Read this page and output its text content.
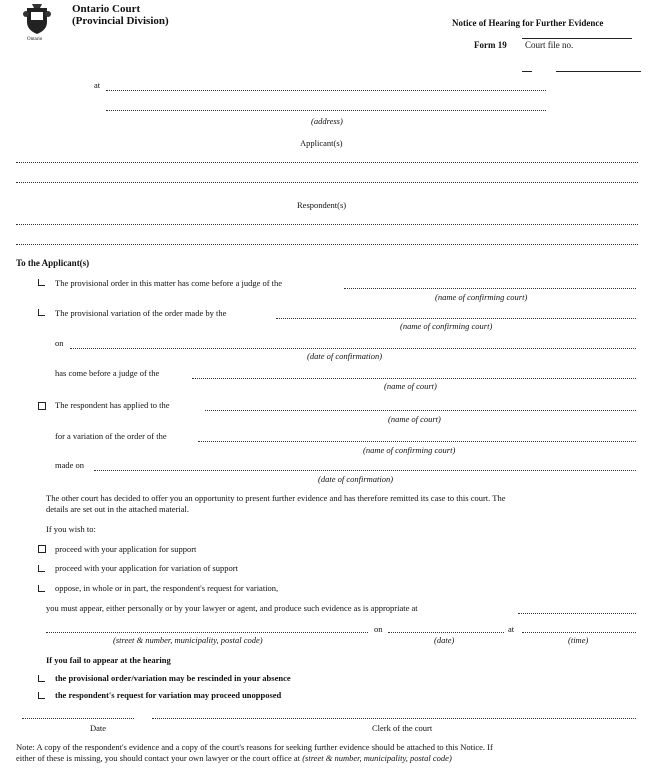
Ontario
Ontario Court
(Provincial Division)	Notice of Hearing for Further Evidence
Form 19 Court file no.
at
(address)
Applicant(s)
Respondent(s)
To the Applicant(s)
The provisional order in this matter has come before a judge of the
(name of confirming court)
The provisional variation of the order made by the
(name of confirming court)
on
(date of confirmation)
has come before a judge of the
(name of court)
The respondent has applied to the
(name of court)
for a variation of the order of the
(name of confirming court)
made on
(date of confirmation)
The other court has decided to offer you an opportunity to present further evidence and has therefore remitted its case to this court. The
details are set out in the attached material.
If you wish to:
proceed with your application for support
proceed with your application for variation of support
oppose, in whole or in part, the respondent's request for variation,
you must appear, either personally or by your lawyer or agent, and produce such evidence as is appropriate at
on	at
(street & number, municipality, postal code)	(date)	(time)
If you fail to appear at the hearing
the provisional order/variation may be rescinded in your absence
the respondent's request for variation may proceed unopposed
Date	Clerk of the court
Note: A copy of the respondent's evidence and a copy of the court's reasons for seeking further evidence should be attached to this Notice. If
either of these is missing, you should contact your own lawyer or the court office at (street & number, municipality, postal code)
